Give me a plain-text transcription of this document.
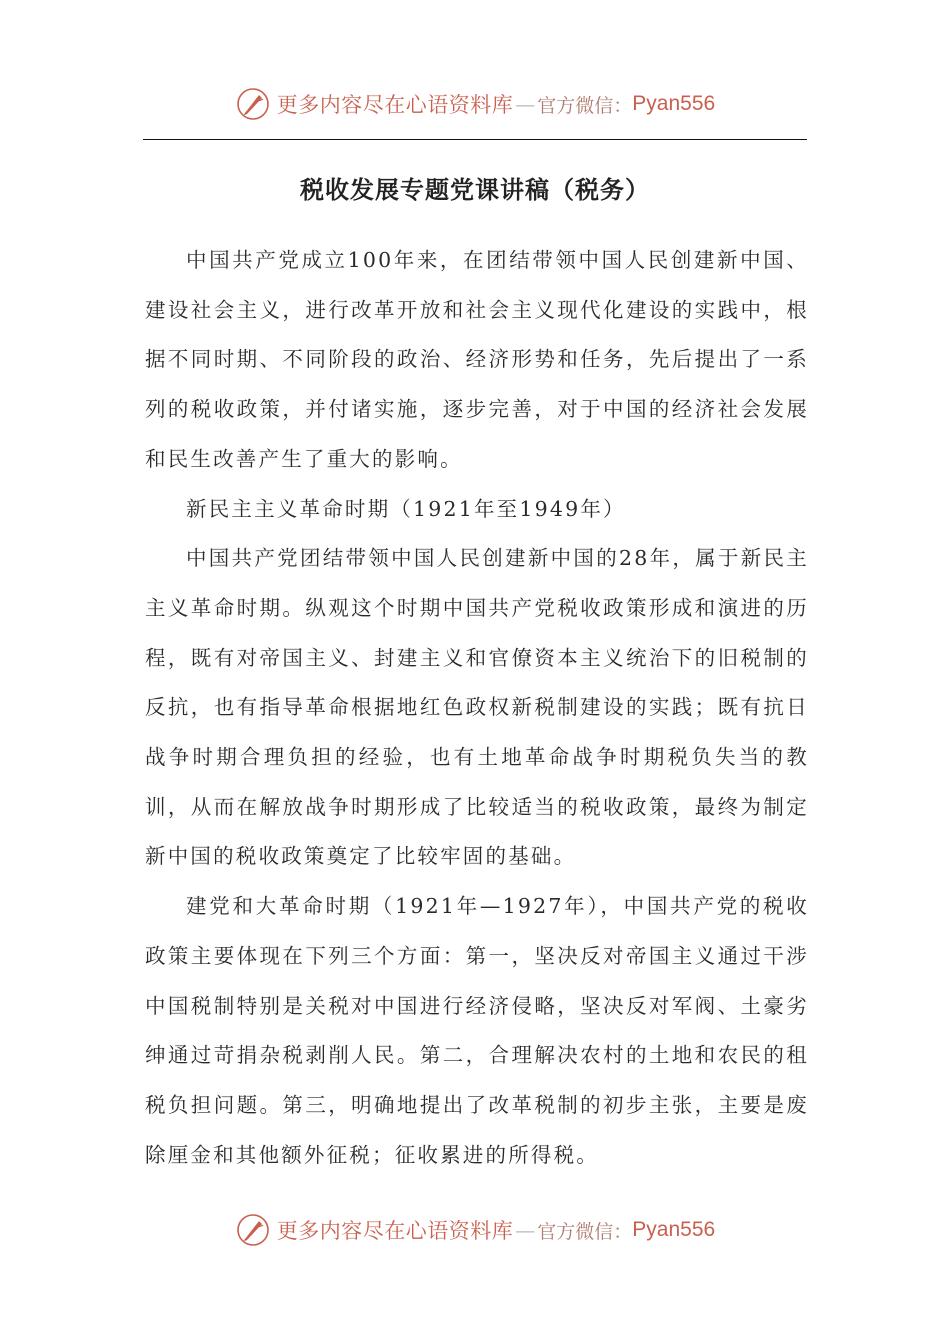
更多内容尽在心语资料库 — 官方微信： Pyan556
税收发展专题党课讲稿（税务）

中国共产党成立100年来，在团结带领中国人民创建新中国、建设社会主义，进行改革开放和社会主义现代化建设的实践中，根据不同时期、不同阶段的政治、经济形势和任务，先后提出了一系列的税收政策，并付诸实施，逐步完善，对于中国的经济社会发展和民生改善产生了重大的影响。

新民主主义革命时期（1921年至1949年）

中国共产党团结带领中国人民创建新中国的28年，属于新民主主义革命时期。纵观这个时期中国共产党税收政策形成和演进的历程，既有对帝国主义、封建主义和官僚资本主义统治下的旧税制的反抗，也有指导革命根据地红色政权新税制建设的实践；既有抗日战争时期合理负担的经验，也有土地革命战争时期税负失当的教训，从而在解放战争时期形成了比较适当的税收政策，最终为制定新中国的税收政策奠定了比较牢固的基础。

建党和大革命时期（1921年—1927年），中国共产党的税收政策主要体现在下列三个方面：第一，坚决反对帝国主义通过干涉中国税制特别是关税对中国进行经济侵略，坚决反对军阀、土豪劣绅通过苛捐杂税剥削人民。第二，合理解决农村的土地和农民的租税负担问题。第三，明确地提出了改革税制的初步主张，主要是废除厘金和其他额外征税；征收累进的所得税。

更多内容尽在心语资料库 — 官方微信： Pyan556
